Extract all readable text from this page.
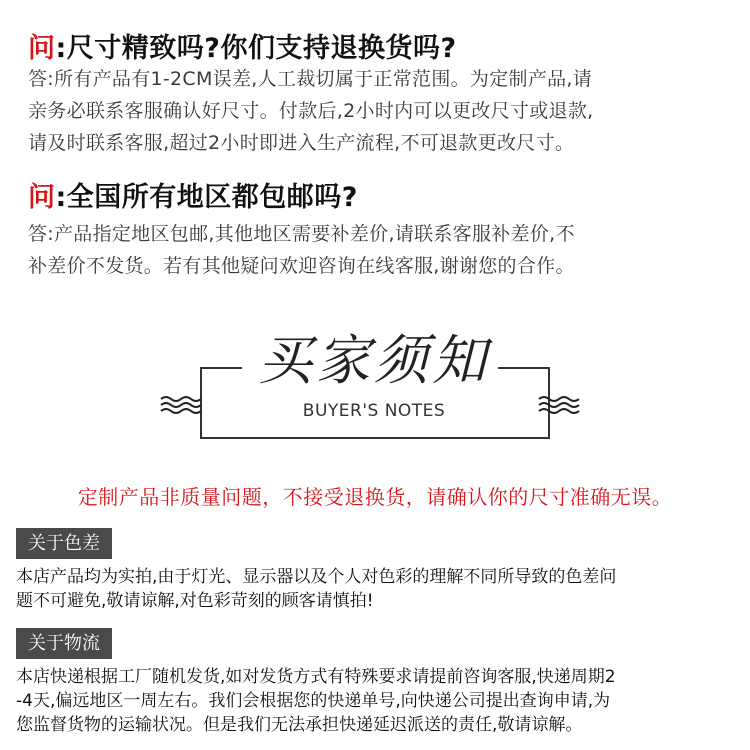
问:尺寸精致吗?你们支持退换货吗?
答:所有产品有1-2CM误差,人工裁切属于正常范围。为定制产品,请
亲务必联系客服确认好尺寸。付款后,2小时内可以更改尺寸或退款,
请及时联系客服,超过2小时即进入生产流程,不可退款更改尺寸。
问:全国所有地区都包邮吗?
答:产品指定地区包邮,其他地区需要补差价,请联系客服补差价,不
补差价不发货。若有其他疑问欢迎咨询在线客服,谢谢您的合作。
买家须知
BUYER'S NOTES
定制产品非质量问题，不接受退换货，请确认你的尺寸准确无误。
关于色差
本店产品均为实拍,由于灯光、显示器以及个人对色彩的理解不同所导致的色差问
题不可避免,敬请谅解,对色彩苛刻的顾客请慎拍!
关于物流
本店快递根据工厂随机发货,如对发货方式有特殊要求请提前咨询客服,快递周期2
-4天,偏远地区一周左右。我们会根据您的快递单号,向快递公司提出查询申请,为
您监督货物的运输状况。但是我们无法承担快递延迟派送的责任,敬请谅解。
